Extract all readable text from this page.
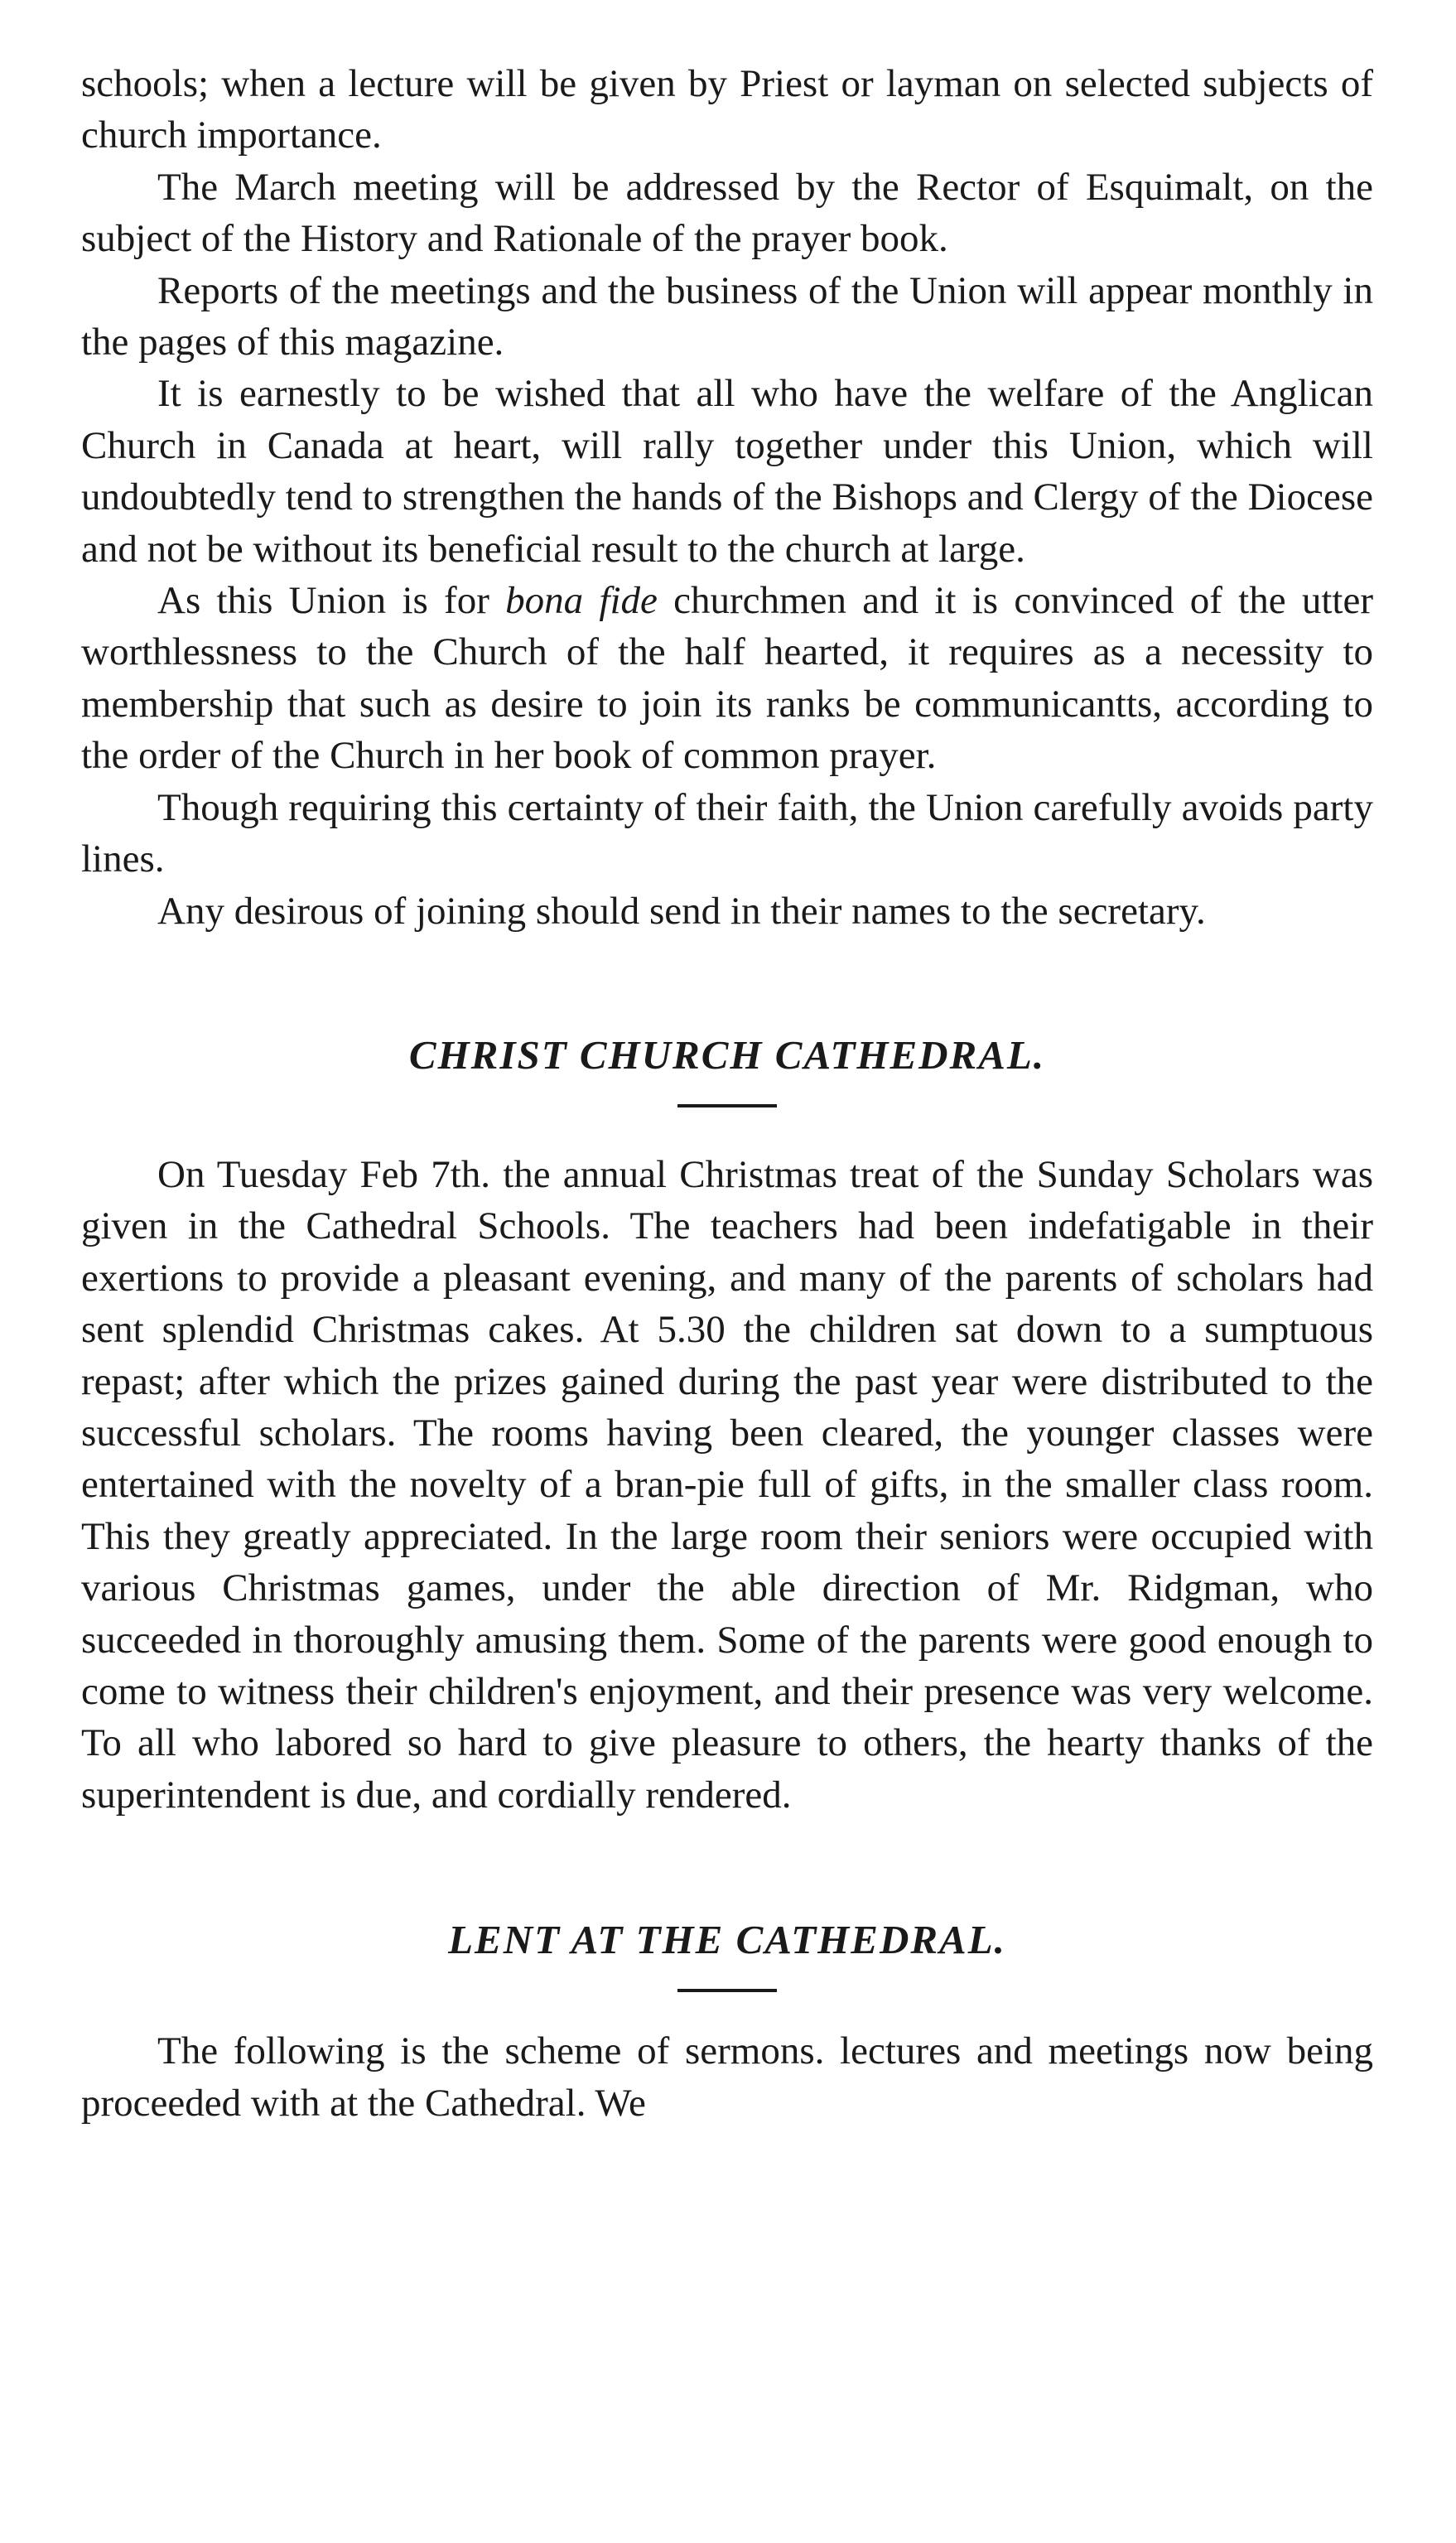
schools; when a lecture will be given by Priest or layman on selected subjects of church importance.

The March meeting will be addressed by the Rector of Esquimalt, on the subject of the History and Rationale of the prayer book.

Reports of the meetings and the business of the Union will appear monthly in the pages of this magazine.

It is earnestly to be wished that all who have the welfare of the Anglican Church in Canada at heart, will rally together under this Union, which will undoubtedly tend to strengthen the hands of the Bishops and Clergy of the Diocese and not be without its beneficial result to the church at large.

As this Union is for bona fide churchmen and it is convinced of the utter worthlessness to the Church of the half hearted, it requires as a necessity to membership that such as desire to join its ranks be communicantts, according to the order of the Church in her book of common prayer.

Though requiring this certainty of their faith, the Union carefully avoids party lines.

Any desirous of joining should send in their names to the secretary.

CHRIST CHURCH CATHEDRAL.

On Tuesday Feb 7th. the annual Christmas treat of the Sunday Scholars was given in the Cathedral Schools. The teachers had been indefatigable in their exertions to provide a pleasant evening, and many of the parents of scholars had sent splendid Christmas cakes. At 5.30 the children sat down to a sumptuous repast; after which the prizes gained during the past year were distributed to the successful scholars. The rooms having been cleared, the younger classes were entertained with the novelty of a bran-pie full of gifts, in the smaller class room. This they greatly appreciated. In the large room their seniors were occupied with various Christmas games, under the able direction of Mr. Ridgman, who succeeded in thoroughly amusing them. Some of the parents were good enough to come to witness their children's enjoyment, and their presence was very welcome. To all who labored so hard to give pleasure to others, the hearty thanks of the superintendent is due, and cordially rendered.

LENT AT THE CATHEDRAL.

The following is the scheme of sermons. lectures and meetings now being proceeded with at the Cathedral. We
